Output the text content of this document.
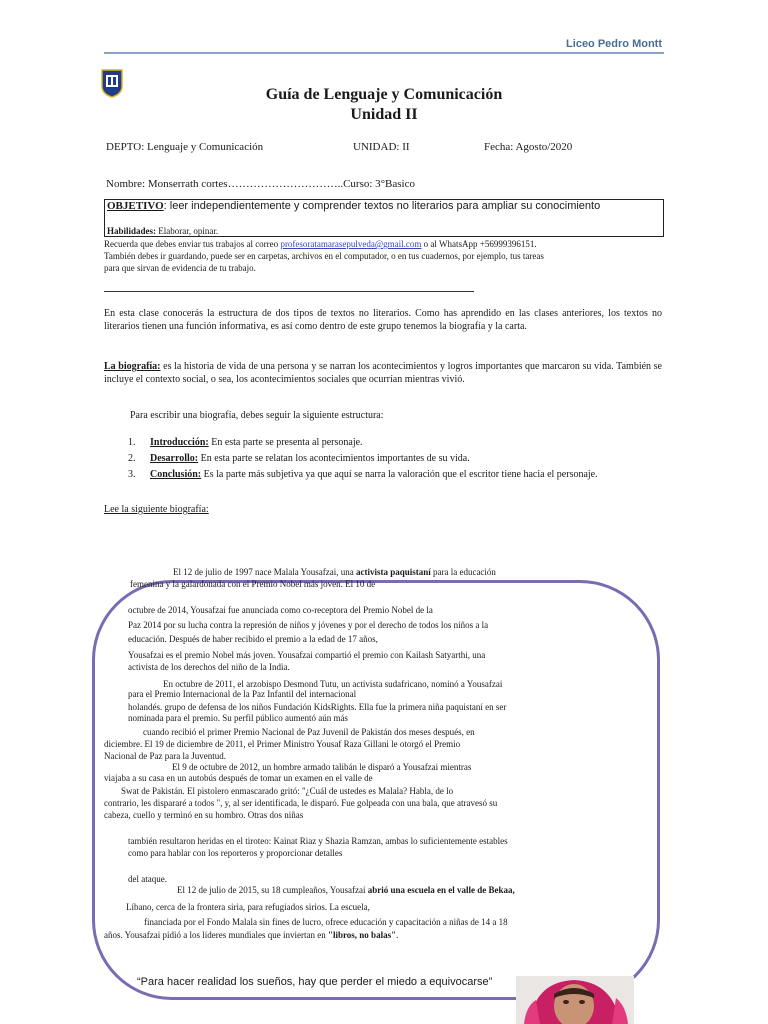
Liceo Pedro Montt
Guía de Lenguaje y Comunicación
Unidad II
DEPTO: Lenguaje y Comunicación	UNIDAD: II	Fecha: Agosto/2020
Nombre: Monserrath cortes…………………………..Curso: 3°Basico
OBJETIVO: leer independientemente y comprender textos no literarios para ampliar su conocimiento
Habilidades: Elaborar, opinar.
Recuerda que debes enviar tus trabajos al correo profesoratamarasepulveda@gmail.com o al WhatsApp +56999396151.
También debes ir guardando, puede ser en carpetas, archivos en el computador, o en tus cuadernos, por ejemplo, tus tareas
para que sirvan de evidencia de tu trabajo.
En esta clase conocerás la estructura de dos tipos de textos no literarios. Como has aprendido en las clases anteriores, los textos no literarios tienen una función informativa, es así como dentro de este grupo tenemos la biografía y la carta.
La biografía: es la historia de vida de una persona y se narran los acontecimientos y logros importantes que marcaron su vida. También se incluye el contexto social, o sea, los acontecimientos sociales que ocurrían mientras vivió.
Para escribir una biografía, debes seguir la siguiente estructura:
1.	Introducción: En esta parte se presenta al personaje.
2.	Desarrollo: En esta parte se relatan los acontecimientos importantes de su vida.
3.	Conclusión: Es la parte más subjetiva ya que aquí se narra la valoración que el escritor tiene hacia el personaje.
Lee la siguiente biografía:
El 12 de julio de 1997 nace Malala Yousafzai, una activista paquistaní para la educación
femenina y la galardonada con el Premio Nobel más joven. El 10 de
octubre de 2014, Yousafzai fue anunciada como co-receptora del Premio Nobel de la
Paz 2014 por su lucha contra la represión de niños y jóvenes y por el derecho de todos los niños a la
educación. Después de haber recibido el premio a la edad de 17 años,
Yousafzai es el premio Nobel más joven. Yousafzai compartió el premio con Kailash Satyarthi, una
activista de los derechos del niño de la India.
En octubre de 2011, el arzobispo Desmond Tutu, un activista sudafricano, nominó a Yousafzai
para el Premio Internacional de la Paz Infantil del internacional
holandés. grupo de defensa de los niños Fundación KidsRights. Ella fue la primera niña paquistaní en ser
nominada para el premio. Su perfil público aumentó aún más
cuando recibió el primer Premio Nacional de Paz Juvenil de Pakistán dos meses después, en
diciembre. El 19 de diciembre de 2011, el Primer Ministro Yousaf Raza Gillani le otorgó el Premio
Nacional de Paz para la Juventud.
El 9 de octubre de 2012, un hombre armado talibán le disparó a Yousafzai mientras
viajaba a su casa en un autobús después de tomar un examen en el valle de
Swat de Pakistán. El pistolero enmascarado gritó: "¿Cuál de ustedes es Malala? Habla, de lo
contrario, les dispararé a todos ", y, al ser identificada, le disparó. Fue golpeada con una bala, que atravesó su
cabeza, cuello y terminó en su hombro. Otras dos niñas
también resultaron heridas en el tiroteo: Kainat Riaz y Shazia Ramzan, ambas lo suficientemente estables
como para hablar con los reporteros y proporcionar detalles
del ataque.
El 12 de julio de 2015, su 18 cumpleaños, Yousafzai abrió una escuela en el valle de Bekaa,
Líbano, cerca de la frontera siria, para refugiados sirios. La escuela,
financiada por el Fondo Malala sin fines de lucro, ofrece educación y capacitación a niñas de 14 a 18
años. Yousafzai pidió a los líderes mundiales que inviertan en "libros, no balas".
“Para hacer realidad los sueños, hay que perder el miedo a equivocarse”
